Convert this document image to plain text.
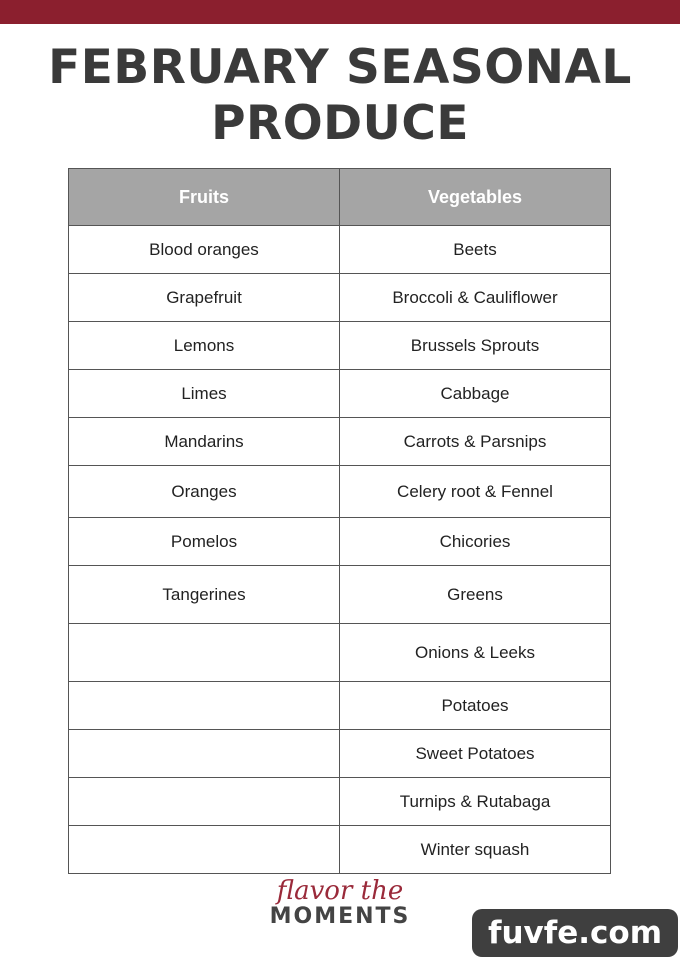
FEBRUARY SEASONAL
PRODUCE
Fruits	Vegetables
Blood oranges	Beets
Grapefruit	Broccoli & Cauliflower
Lemons	Brussels Sprouts
Limes	Cabbage
Mandarins	Carrots & Parsnips
Oranges	Celery root & Fennel
Pomelos	Chicories
Tangerines	Greens
	Onions & Leeks
	Potatoes
	Sweet Potatoes
	Turnips & Rutabaga
	Winter squash
flavor the
MOMENTS	fuvfe.com
